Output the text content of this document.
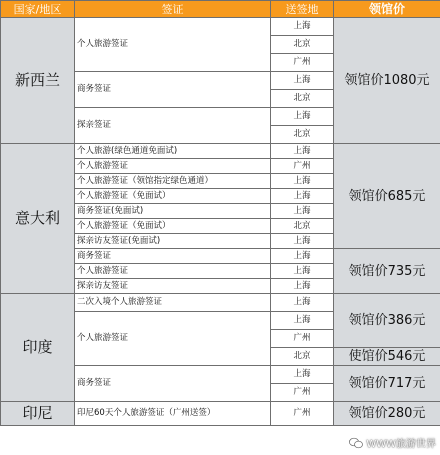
国家/地区	签证	送签地	领馆价
新西兰	个人旅游签证	上海	领馆价1080元
		北京	
		广州	
	商务签证	上海	
		北京	
	探亲签证	上海	
		北京	
意大利	个人旅游(绿色通道免面试)	上海	领馆价685元
	个人旅游签证	广州	
	个人旅游签证（领馆指定绿色通道）	上海	
	个人旅游签证（免面试）	上海	
	商务签证(免面试)	上海	
	个人旅游签证（免面试）	北京	
	探亲访友签证(免面试)	上海	
	商务签证	上海	领馆价735元
	个人旅游签证	上海	
	探亲访友签证	上海	
印度	二次入境个人旅游签证	上海	领馆价386元
	个人旅游签证	上海	
		广州	
		北京	使馆价546元
	商务签证	上海	领馆价717元
		广州	
印尼	印尼60天个人旅游签证（广州送签）	广州	领馆价280元
WWW旅游世界
